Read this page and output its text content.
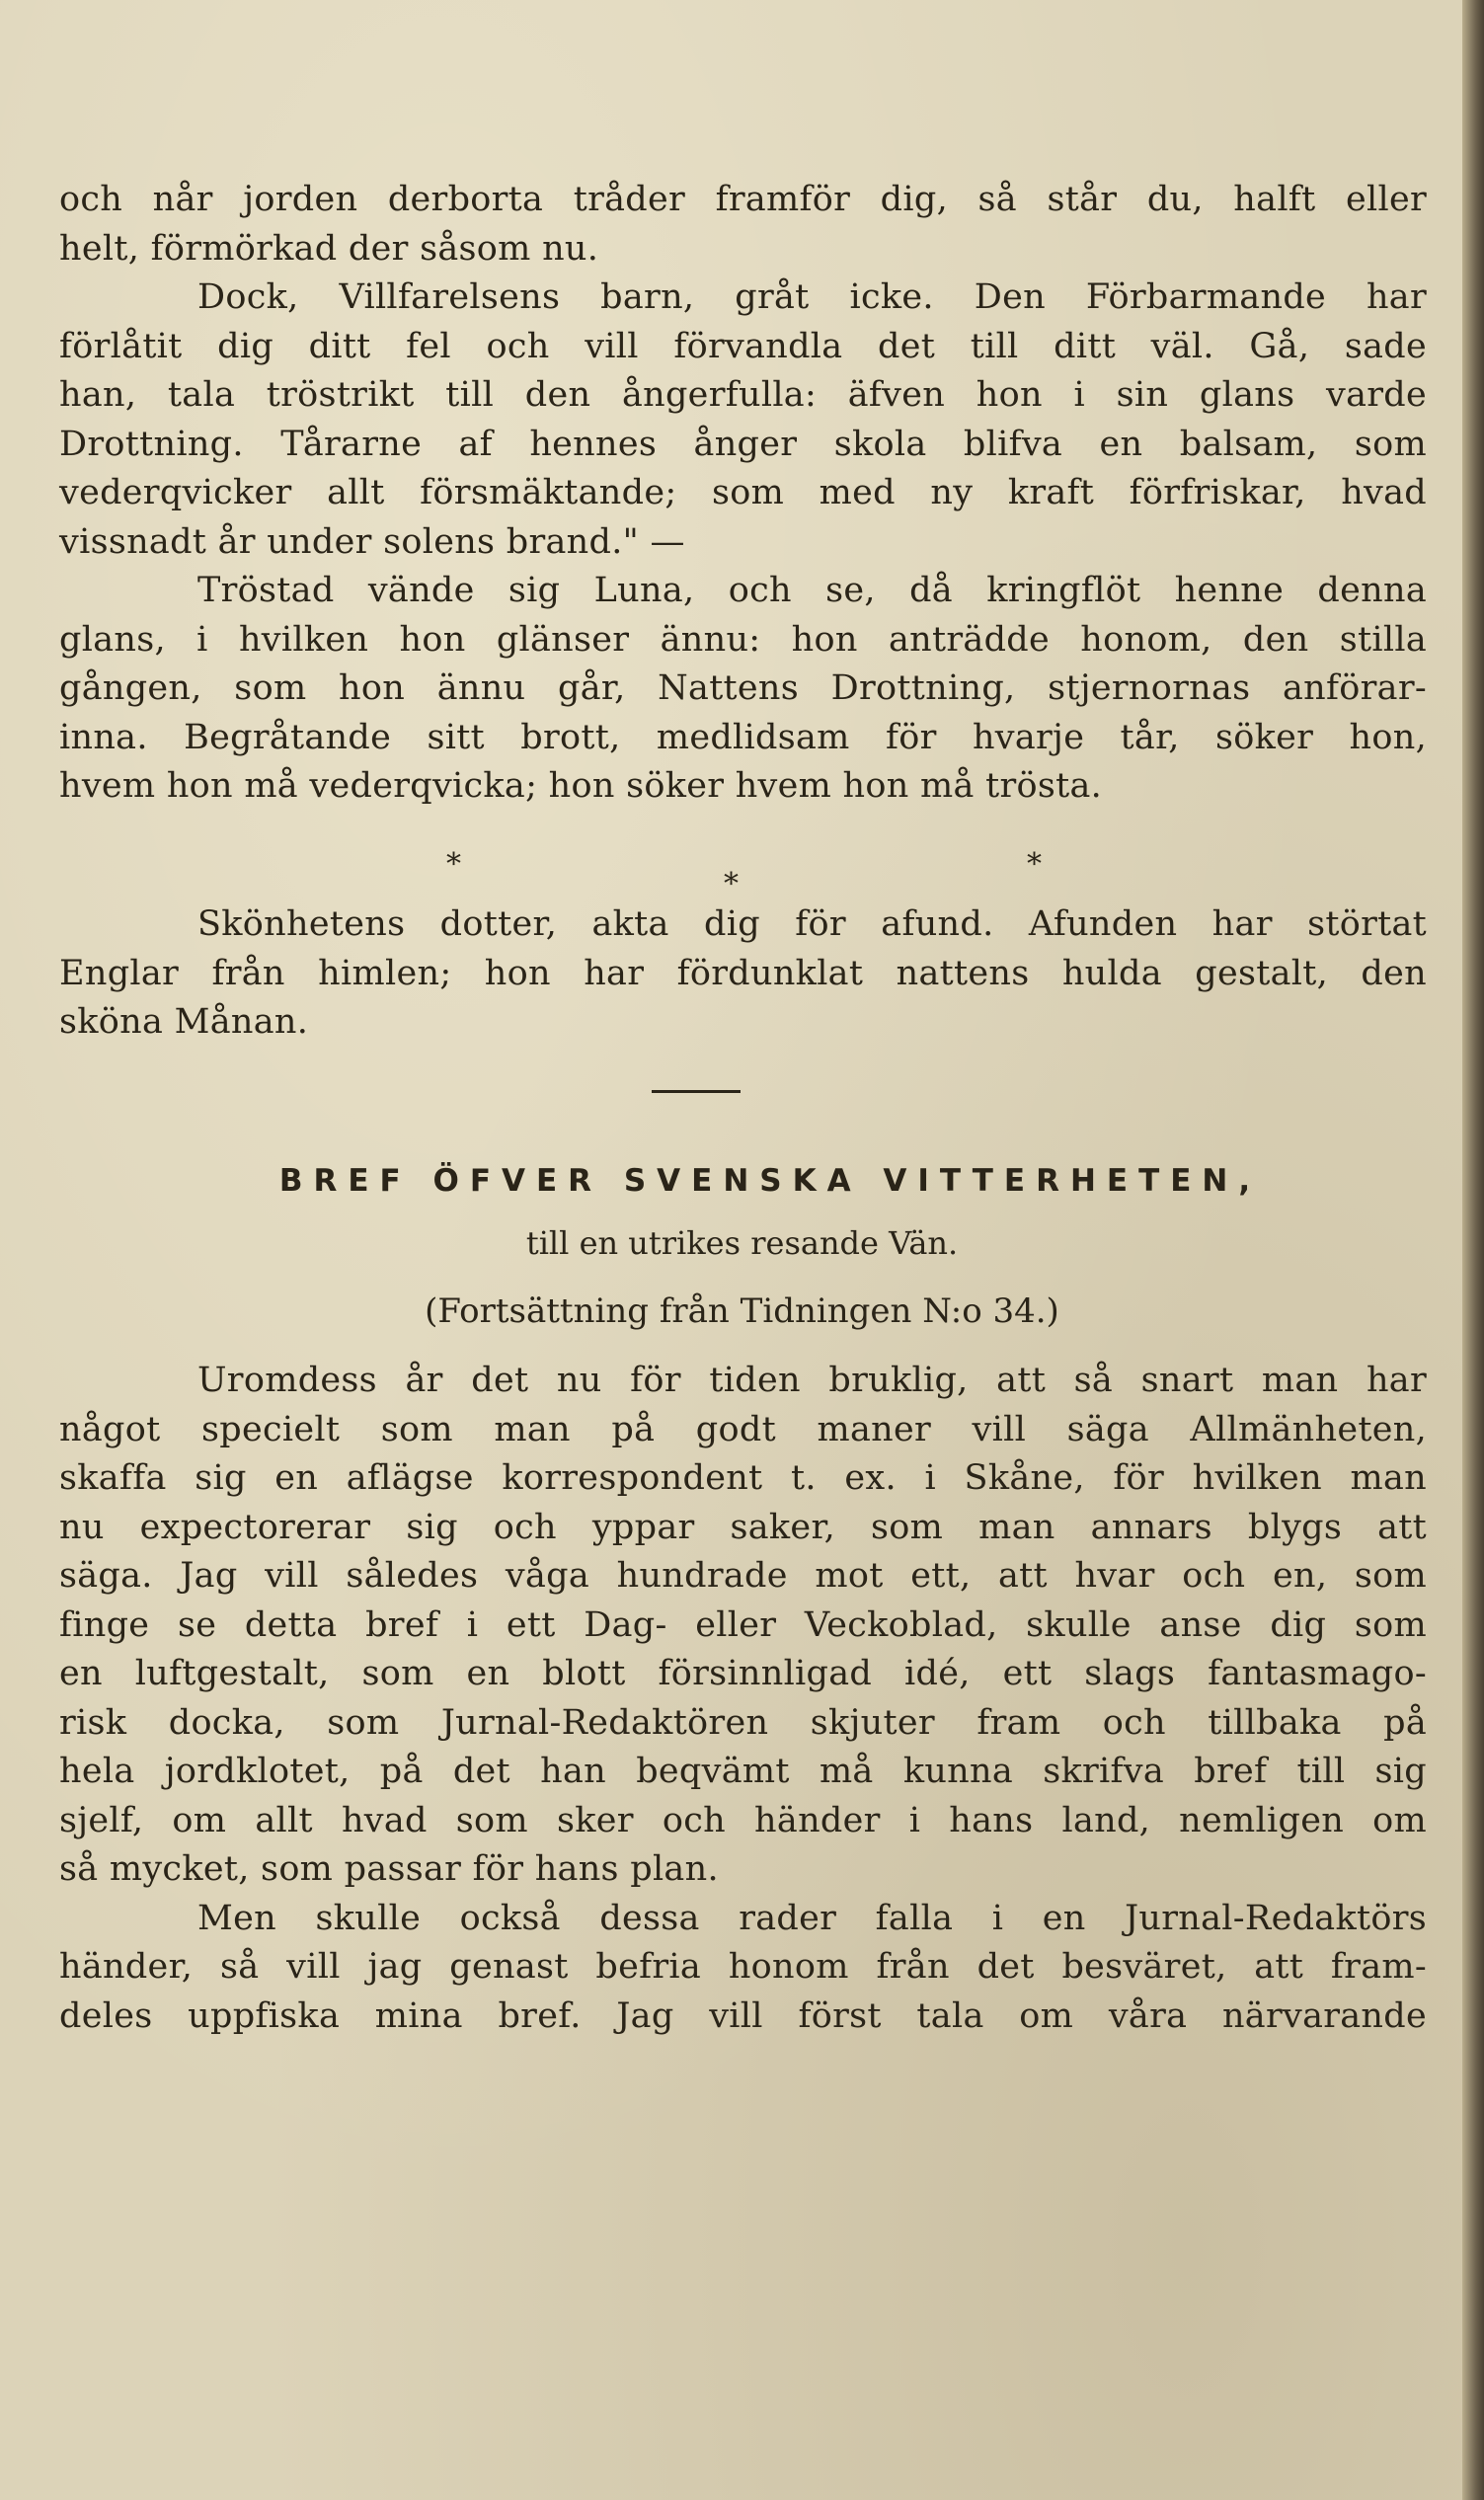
och når jorden derborta tråder framför dig, så står du, halft eller
helt, förmörkad der såsom nu.
Dock, Villfarelsens barn, gråt icke. Den Förbarmande har
förlåtit dig ditt fel och vill förvandla det till ditt väl. Gå, sade
han, tala tröstrikt till den ångerfulla: äfven hon i sin glans varde
Drottning. Tårarne af hennes ånger skola blifva en balsam, som
vederqvicker allt försmäktande; som med ny kraft förfriskar, hvad
vissnadt år under solens brand." —
Tröstad vände sig Luna, och se, då kringflöt henne denna
glans, i hvilken hon glänser ännu: hon anträdde honom, den stilla
gången, som hon ännu går, Nattens Drottning, stjernornas anförar-
inna. Begråtande sitt brott, medlidsam för hvarje tår, söker hon,
hvem hon må vederqvicka; hon söker hvem hon må trösta.
*
*
*
Skönhetens dotter, akta dig för afund. Afunden har störtat
Englar från himlen; hon har fördunklat nattens hulda gestalt, den
sköna Månan.
BREF ÖFVER SVENSKA VITTERHETEN,
till en utrikes resande Vän.
(Fortsättning från Tidningen N:o 34.)
Uromdess år det nu för tiden bruklig, att så snart man har
något specielt som man på godt maner vill säga Allmänheten,
skaffa sig en aflägse korrespondent t. ex. i Skåne, för hvilken man
nu expectorerar sig och yppar saker, som man annars blygs att
säga. Jag vill således våga hundrade mot ett, att hvar och en, som
finge se detta bref i ett Dag- eller Veckoblad, skulle anse dig som
en luftgestalt, som en blott försinnligad idé, ett slags fantasmago-
risk docka, som Jurnal-Redaktören skjuter fram och tillbaka på
hela jordklotet, på det han beqvämt må kunna skrifva bref till sig
sjelf, om allt hvad som sker och händer i hans land, nemligen om
så mycket, som passar för hans plan.
Men skulle också dessa rader falla i en Jurnal-Redaktörs
händer, så vill jag genast befria honom från det besväret, att fram-
deles uppfiska mina bref. Jag vill först tala om våra närvarande
